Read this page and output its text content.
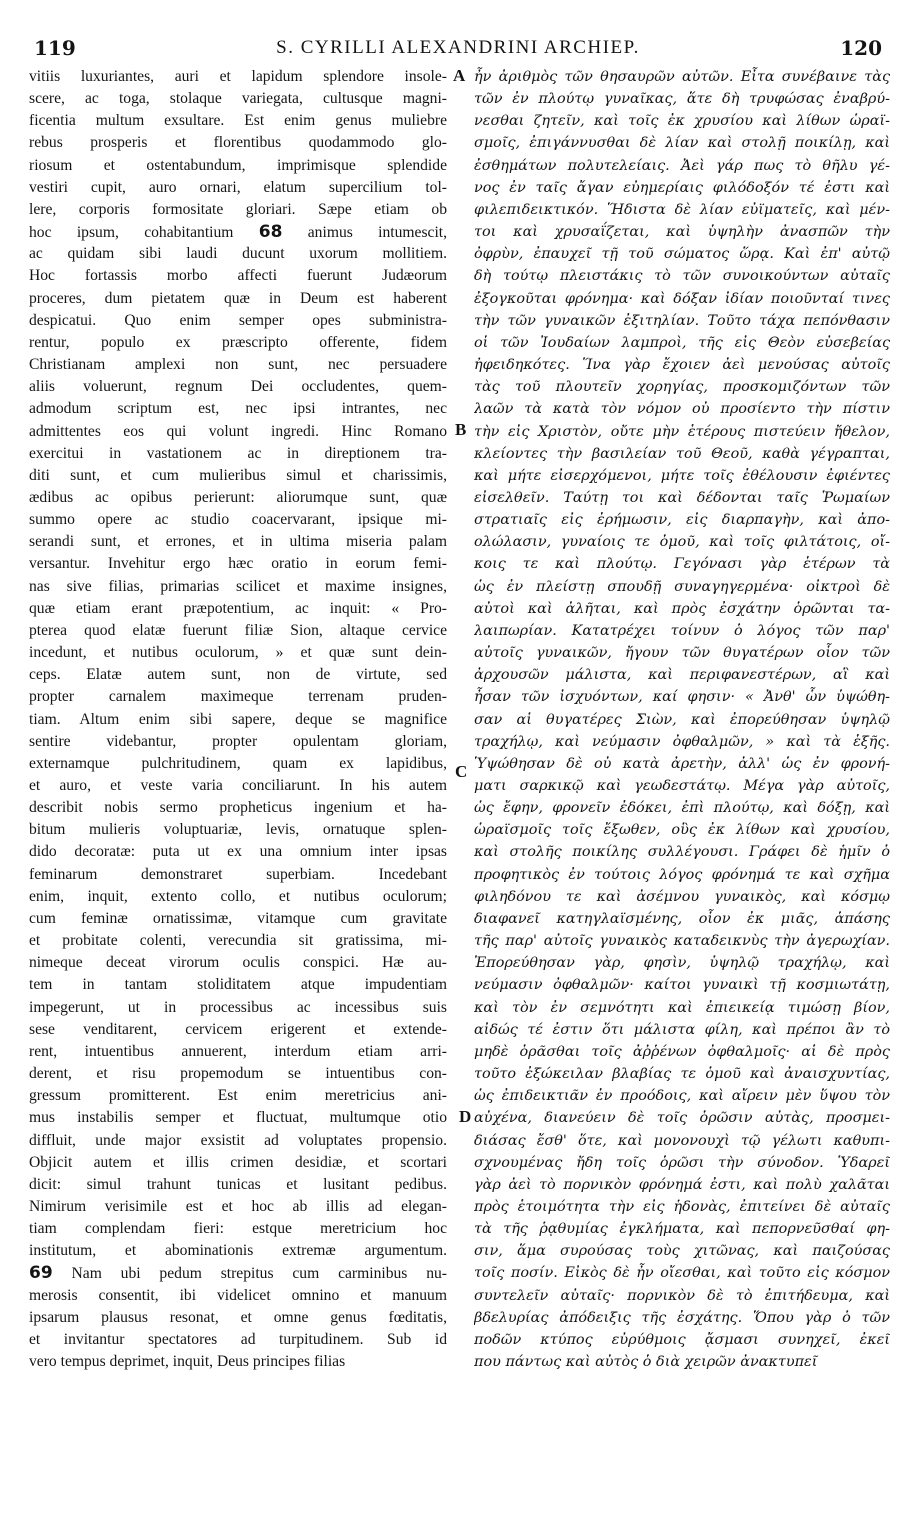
119	S. CYRILLI ALEXANDRINI ARCHIEP.	120
vitiis luxuriantes, auri et lapidum splendore insole-
scere, ac toga, stolaque variegata, cultusque magni-
ficentia multum exsultare. Est enim genus muliebre
rebus prosperis et florentibus quodammodo glo-
riosum et ostentabundum, imprimisque splendide
vestiri cupit, auro ornari, elatum supercilium tol-
lere, corporis formositate gloriari. Sæpe etiam ob
hoc ipsum, cohabitantium 68 animus intumescit,
ac quidam sibi laudi ducunt uxorum mollitiem.
Hoc fortassis morbo affecti fuerunt Judæorum
proceres, dum pietatem quæ in Deum est haberent
despicatui. Quo enim semper opes subministra-
rentur, populo ex præscripto offerente, fidem
Christianam amplexi non sunt, nec persuadere
aliis voluerunt, regnum Dei occludentes, quem-
admodum scriptum est, nec ipsi intrantes, nec
admittentes eos qui volunt ingredi. Hinc Romano
exercitui in vastationem ac in direptionem tra-
diti sunt, et cum mulieribus simul et charissimis,
ædibus ac opibus perierunt: aliorumque sunt, quæ
summo opere ac studio coacervarant, ipsique mi-
serandi sunt, et errones, et in ultima miseria palam
versantur. Invehitur ergo hæc oratio in eorum femi-
nas sive filias, primarias scilicet et maxime insignes,
quæ etiam erant præpotentium, ac inquit: « Pro-
pterea quod elatæ fuerunt filiæ Sion, altaque cervice
incedunt, et nutibus oculorum, » et quæ sunt dein-
ceps. Elatæ autem sunt, non de virtute, sed
propter carnalem maximeque terrenam pruden-
tiam. Altum enim sibi sapere, deque se magnifice
sentire videbantur, propter opulentam gloriam,
externamque pulchritudinem, quam ex lapidibus,
et auro, et veste varia conciliarunt. In his autem
describit nobis sermo propheticus ingenium et ha-
bitum mulieris voluptuariæ, levis, ornatuque splen-
dido decoratæ: puta ut ex una omnium inter ipsas
feminarum demonstraret superbiam. Incedebant
enim, inquit, extento collo, et nutibus oculorum;
cum feminæ ornatissimæ, vitamque cum gravitate
et probitate colenti, verecundia sit gratissima, mi-
nimeque deceat virorum oculis conspici. Hæ au-
tem in tantam stoliditatem atque impudentiam
impegerunt, ut in processibus ac incessibus suis
sese venditarent, cervicem erigerent et extende-
rent, intuentibus annuerent, interdum etiam arri-
derent, et risu propemodum se intuentibus con-
gressum promitterent. Est enim meretricius ani-
mus instabilis semper et fluctuat, multumque otio
diffluit, unde major exsistit ad voluptates propensio.
Objicit autem et illis crimen desidiæ, et scortari
dicit: simul trahunt tunicas et lusitant pedibus.
Nimirum verisimile est et hoc ab illis ad elegan-
tiam complendam fieri: estque meretricium hoc
institutum, et abominationis extremæ argumentum.
69 Nam ubi pedum strepitus cum carminibus nu-
merosis consentit, ibi videlicet omnino et manuum
ipsarum plausus resonat, et omne genus fœditatis,
et invitantur spectatores ad turpitudinem. Sub id
vero tempus deprimet, inquit, Deus principes filias
ἦν ἀριθμὸς τῶν θησαυρῶν αὐτῶν. Εἶτα συνέβαινε τὰς
τῶν ἐν πλούτῳ γυναῖκας, ἅτε δὴ τρυφώσας ἐναβρύ-
νεσθαι ζητεῖν, καὶ τοῖς ἐκ χρυσίου καὶ λίθων ὡραϊ-
σμοῖς, ἐπιγάννυσθαι δὲ λίαν καὶ στολῇ ποικίλῃ, καὶ
ἐσθημάτων πολυτελείαις. Ἀεὶ γάρ πως τὸ θῆλυ γέ-
νος ἐν ταῖς ἄγαν εὐημερίαις φιλόδοξόν τέ ἐστι καὶ
φιλεπιδεικτικόν. Ἥδιστα δὲ λίαν εὐϊματεῖς, καὶ μέν-
τοι καὶ χρυσαΐζεται, καὶ ὑψηλὴν ἀνασπῶν τὴν
ὀφρὺν, ἐπαυχεῖ τῇ τοῦ σώματος ὥρᾳ. Καὶ ἐπ' αὐτῷ
δὴ τούτῳ πλειστάκις τὸ τῶν συνοικούντων αὐταῖς
ἐξογκοῦται φρόνημα· καὶ δόξαν ἰδίαν ποιοῦνταί τινες
τὴν τῶν γυναικῶν ἐξιτηλίαν. Τοῦτο τάχα πεπόνθασιν
οἱ τῶν Ἰουδαίων λαμπροὶ, τῆς εἰς Θεὸν εὐσεβείας
ἠφειδηκότες. Ἵνα γὰρ ἔχοιεν ἀεὶ μενούσας αὐτοῖς
τὰς τοῦ πλουτεῖν χορηγίας, προσκομιζόντων τῶν
λαῶν τὰ κατὰ τὸν νόμον οὐ προσίεντο τὴν πίστιν
τὴν εἰς Χριστὸν, οὔτε μὴν ἑτέρους πιστεύειν ἤθελον,
κλείοντες τὴν βασιλείαν τοῦ Θεοῦ, καθὰ γέγραπται,
καὶ μήτε εἰσερχόμενοι, μήτε τοῖς ἐθέλουσιν ἐφιέντες
εἰσελθεῖν. Ταύτῃ τοι καὶ δέδονται ταῖς Ῥωμαίων
στρατιαῖς εἰς ἐρήμωσιν, εἰς διαρπαγὴν, καὶ ἀπο-
ολώλασιν, γυναίοις τε ὁμοῦ, καὶ τοῖς φιλτάτοις, οἴ-
κοις τε καὶ πλούτῳ. Γεγόνασι γὰρ ἑτέρων τὰ
ὡς ἐν πλείστῃ σπουδῇ συναγηγερμένα· οἰκτροὶ δὲ
αὐτοὶ καὶ ἀλῆται, καὶ πρὸς ἐσχάτην ὁρῶνται τα-
λαιπωρίαν. Κατατρέχει τοίνυν ὁ λόγος τῶν παρ'
αὐτοῖς γυναικῶν, ἤγουν τῶν θυγατέρων οἷον τῶν
ἀρχουσῶν μάλιστα, καὶ περιφανεστέρων, αἳ καὶ
ἦσαν τῶν ἰσχυόντων, καί φησιν· « Ἀνθ' ὧν ὑψώθη-
σαν αἱ θυγατέρες Σιὼν, καὶ ἐπορεύθησαν ὑψηλῷ
τραχήλῳ, καὶ νεύμασιν ὀφθαλμῶν, » καὶ τὰ ἑξῆς.
Ὑψώθησαν δὲ οὐ κατὰ ἀρετὴν, ἀλλ' ὡς ἐν φρονή-
ματι σαρκικῷ καὶ γεωδεστάτῳ. Μέγα γὰρ αὐτοῖς,
ὡς ἔφην, φρονεῖν ἐδόκει, ἐπὶ πλούτῳ, καὶ δόξῃ, καὶ
ὡραϊσμοῖς τοῖς ἔξωθεν, οὓς ἐκ λίθων καὶ χρυσίου,
καὶ στολῆς ποικίλης συλλέγουσι. Γράφει δὲ ἡμῖν ὁ
προφητικὸς ἐν τούτοις λόγος φρόνημά τε καὶ σχῆμα
φιληδόνου τε καὶ ἀσέμνου γυναικὸς, καὶ κόσμῳ
διαφανεῖ κατηγλαϊσμένης, οἷον ἐκ μιᾶς, ἁπάσης
τῆς παρ' αὐτοῖς γυναικὸς καταδεικνὺς τὴν ἀγερωχίαν.
Ἐπορεύθησαν γὰρ, φησὶν, ὑψηλῷ τραχήλῳ, καὶ
νεύμασιν ὀφθαλμῶν· καίτοι γυναικὶ τῇ κοσμιωτάτῃ,
καὶ τὸν ἐν σεμνότητι καὶ ἐπιεικείᾳ τιμώσῃ βίον,
αἰδώς τέ ἐστιν ὅτι μάλιστα φίλη, καὶ πρέποι ἂν τὸ
μηδὲ ὁρᾶσθαι τοῖς ἀῤῥένων ὀφθαλμοῖς· αἱ δὲ πρὸς
τοῦτο ἐξώκειλαν βλαβίας τε ὁμοῦ καὶ ἀναισχυντίας,
ὡς ἐπιδεικτιᾶν ἐν προόδοις, καὶ αἴρειν μὲν ὕψου τὸν
αὐχένα, διανεύειν δὲ τοῖς ὁρῶσιν αὐτὰς, προσμει-
διάσας ἔσθ' ὅτε, καὶ μονονουχὶ τῷ γέλωτι καθυπι-
σχνουμένας ἤδη τοῖς ὁρῶσι τὴν σύνοδον. Ὑδαρεῖ
γὰρ ἀεὶ τὸ πορνικὸν φρόνημά ἐστι, καὶ πολὺ χαλᾶται
πρὸς ἑτοιμότητα τὴν εἰς ἡδονὰς, ἐπιτείνει δὲ αὐταῖς
τὰ τῆς ῥᾳθυμίας ἐγκλήματα, καὶ πεπορνεῦσθαί φη-
σιν, ἅμα συρούσας τοὺς χιτῶνας, καὶ παιζούσας
τοῖς ποσίν. Εἰκὸς δὲ ἦν οἴεσθαι, καὶ τοῦτο εἰς κόσμον
συντελεῖν αὐταῖς· πορνικὸν δὲ τὸ ἐπιτήδευμα, καὶ
βδελυρίας ἀπόδειξις τῆς ἐσχάτης. Ὅπου γὰρ ὁ τῶν
ποδῶν κτύπος εὐρύθμοις ᾄσμασι συνηχεῖ, ἐκεῖ
που πάντως καὶ αὐτὸς ὁ διὰ χειρῶν ἀνακτυπεῖ
A
B
C
D
